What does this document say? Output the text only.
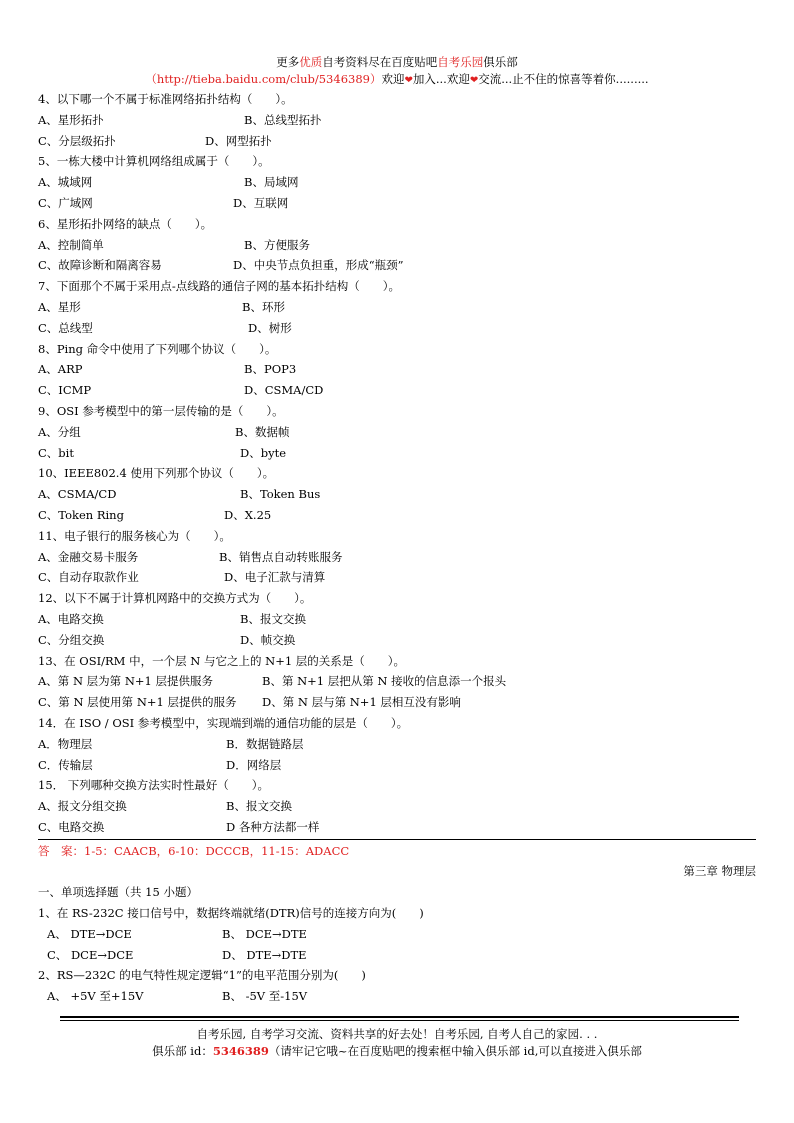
更多优质自考资料尽在百度贴吧自考乐园俱乐部
（http://tieba.baidu.com/club/5346389）欢迎❤加入...欢迎❤交流...止不住的惊喜等着你.........
4、以下哪一个不属于标准网络拓扑结构（　　）。
A、星形拓扑	B、总线型拓扑
C、分层级拓扑	D、网型拓扑
5、一栋大楼中计算机网络组成属于（　　）。
A、城域网	B、局域网
C、广域网	D、互联网
6、星形拓扑网络的缺点（　　）。
A、控制简单	B、方便服务
C、故障诊断和隔离容易	D、中央节点负担重，形成“瓶颈”
7、下面那个不属于采用点-点线路的通信子网的基本拓扑结构（　　）。
A、星形	B、环形
C、总线型	D、树形
8、Ping 命令中使用了下列哪个协议（　　）。
A、ARP	B、POP3
C、ICMP	D、CSMA/CD
9、OSI 参考模型中的第一层传输的是（　　）。
A、分组	B、数据帧
C、bit	D、byte
10、IEEE802.4 使用下列那个协议（　　）。
A、CSMA/CD	B、Token Bus
C、Token Ring	D、X.25
11、电子银行的服务核心为（　　）。
A、金融交易卡服务	B、销售点自动转账服务
C、自动存取款作业	D、电子汇款与清算
12、以下不属于计算机网路中的交换方式为（　　）。
A、电路交换	B、报文交换
C、分组交换	D、帧交换
13、在 OSI/RM 中，一个层 N 与它之上的 N+1 层的关系是（　　）。
A、第 N 层为第 N+1 层提供服务	B、第 N+1 层把从第 N 接收的信息添一个报头
C、第 N 层使用第 N+1 层提供的服务 D、第 N 层与第 N+1 层相互没有影响
14．在 ISO / OSI 参考模型中，实现端到端的通信功能的层是（　　）。
A．物理层	B．数据链路层
C．传输层	D．网络层
15． 下列哪种交换方法实时性最好（　　）。
A、报文分组交换	B、报文交换
C、电路交换	D 各种方法都一样
答　案：1-5：CAACB，6-10：DCCCB，11-15：ADACC
第三章 物理层
一、单项选择题（共 15 小题）
1、在 RS-232C 接口信号中，数据终端就绪(DTR)信号的连接方向为(　　)
A、 DTE→DCE	B、 DCE→DTE
C、 DCE→DCE	D、 DTE→DTE
2、RS—232C 的电气特性规定逻辑“1”的电平范围分别为(　　)
A、 +5V 至+15V	B、 -5V 至-15V
自考乐园, 自考学习交流、资料共享的好去处！自考乐园, 自考人自己的家园. . .
俱乐部 id：5346389（请牢记它哦~在百度贴吧的搜索框中输入俱乐部 id,可以直接进入俱乐部
